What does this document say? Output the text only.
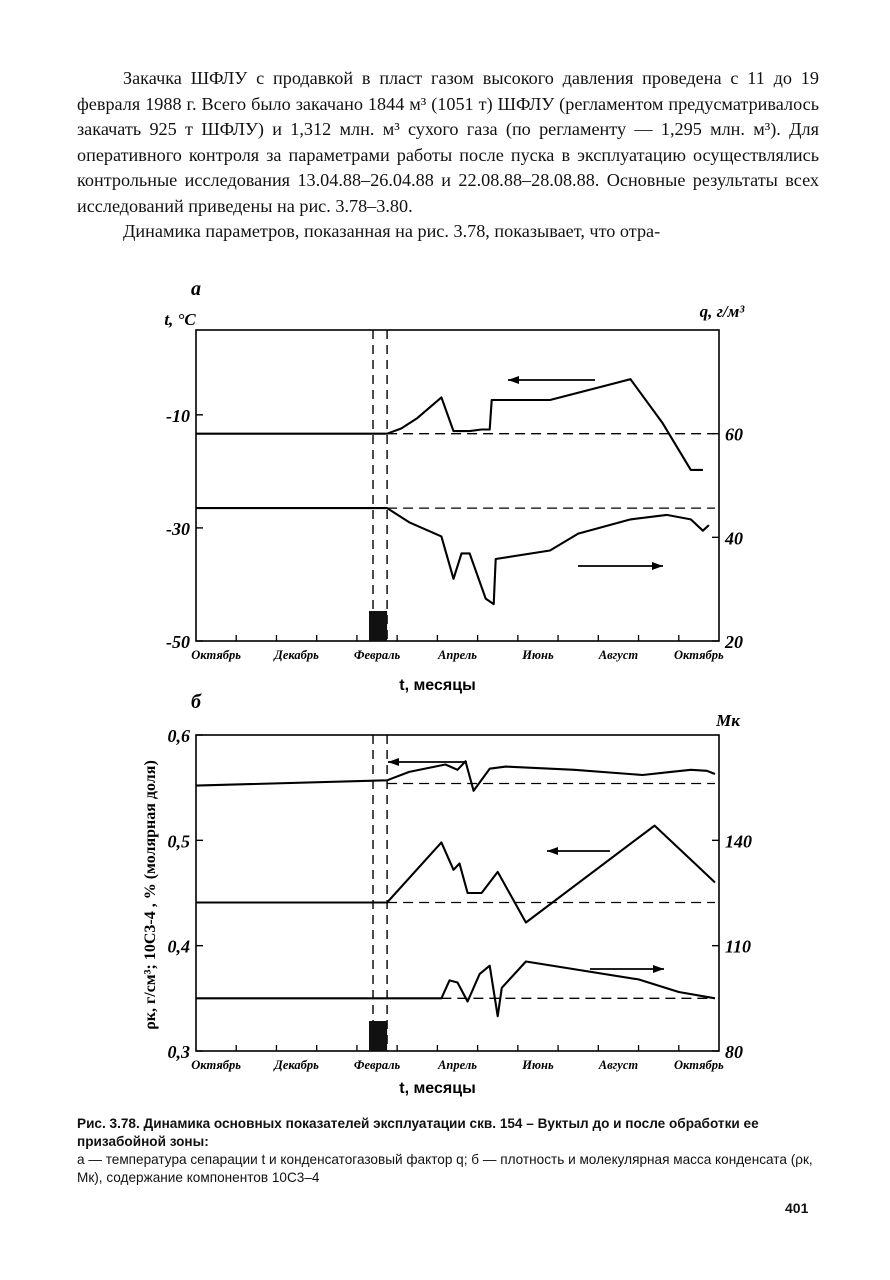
Закачка ШФЛУ с продавкой в пласт газом высокого давления проведена с 11 до 19 февраля 1988 г. Всего было закачано 1844 м³ (1051 т) ШФЛУ (регламентом предусматривалось закачать 925 т ШФЛУ) и 1,312 млн. м³ сухого газа (по регламенту — 1,295 млн. м³). Для оперативного контроля за параметрами работы после пуска в эксплуатацию осуществлялись контрольные исследования 13.04.88–26.04.88 и 22.08.88–28.08.88. Основные результаты всех исследований приведены на рис. 3.78–3.80.

Динамика параметров, показанная на рис. 3.78, показывает, что отра-

а
t, °C	q, г/м³
-10
-30
-50
60
40
20
Октябрь	Декабрь	Февраль	Апрель	Июнь	Август	Октябрь
t, месяцы
б
ρк, г/см³; 10С3-4 , % (молярная доля)
Мк
0,6
0,5
0,4
0,3
140
110
80
Октябрь	Декабрь	Февраль	Апрель	Июнь	Август	Октябрь
t, месяцы
Рис. 3.78. Динамика основных показателей эксплуатации скв. 154 – Вуктыл до и после обработки ее призабойной зоны:
а — температура сепарации t и конденсатогазовый фактор q; б — плотность и молекулярная масса конденсата (ρк, Mк), содержание компонентов 10С3–4
401
